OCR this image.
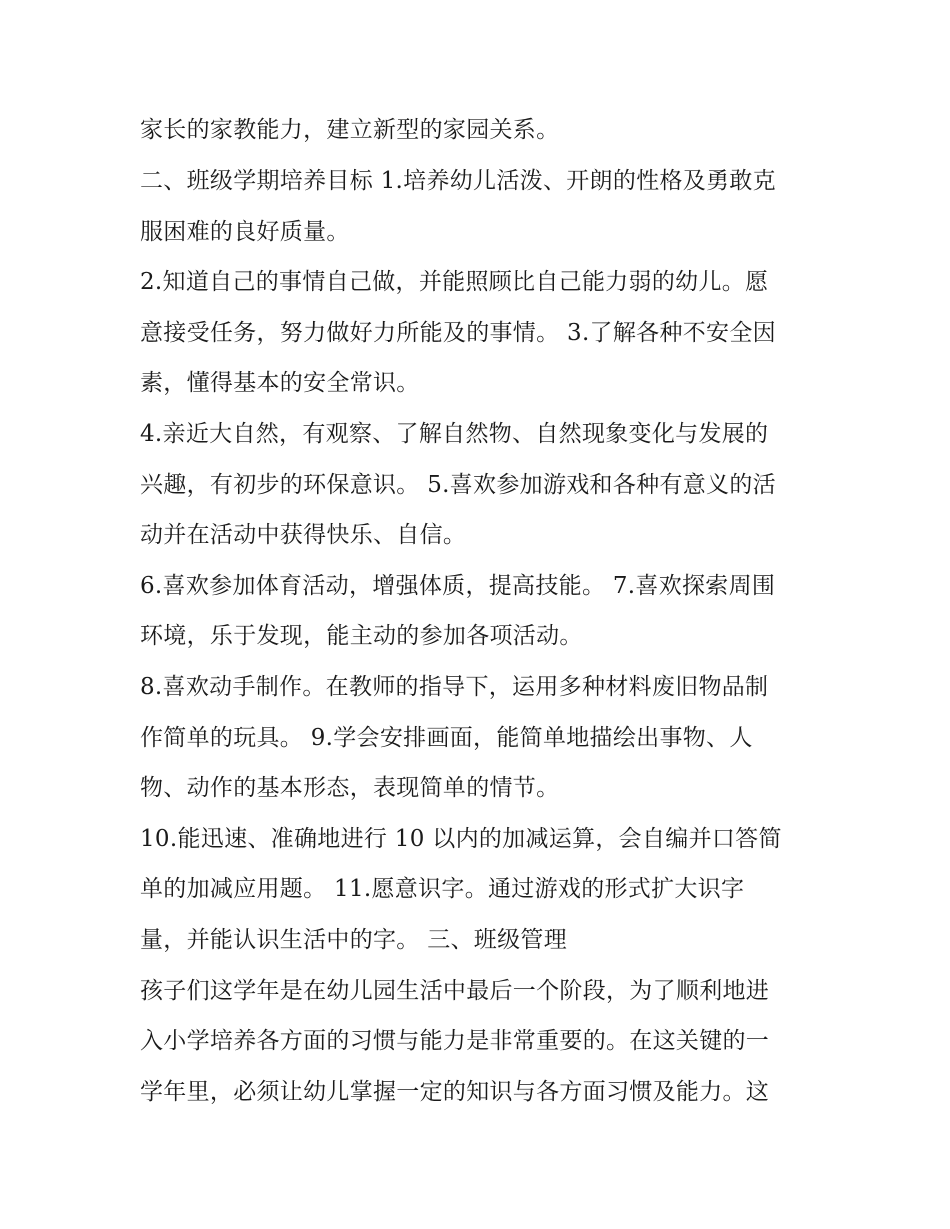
家长的家教能力，建立新型的家园关系。
二、班级学期培养目标 1.培养幼儿活泼、开朗的性格及勇敢克
服困难的良好质量。
2.知道自己的事情自己做，并能照顾比自己能力弱的幼儿。愿
意接受任务，努力做好力所能及的事情。 3.了解各种不安全因
素，懂得基本的安全常识。
4.亲近大自然，有观察、了解自然物、自然现象变化与发展的
兴趣，有初步的环保意识。 5.喜欢参加游戏和各种有意义的活
动并在活动中获得快乐、自信。
6.喜欢参加体育活动，增强体质，提高技能。 7.喜欢探索周围
环境，乐于发现，能主动的参加各项活动。
8.喜欢动手制作。在教师的指导下，运用多种材料废旧物品制
作简单的玩具。 9.学会安排画面，能简单地描绘出事物、人
物、动作的基本形态，表现简单的情节。
10.能迅速、准确地进行 10 以内的加减运算，会自编并口答简
单的加减应用题。 11.愿意识字。通过游戏的形式扩大识字
量，并能认识生活中的字。 三、班级管理
孩子们这学年是在幼儿园生活中最后一个阶段，为了顺利地进
入小学培养各方面的习惯与能力是非常重要的。在这关键的一
学年里，必须让幼儿掌握一定的知识与各方面习惯及能力。这
